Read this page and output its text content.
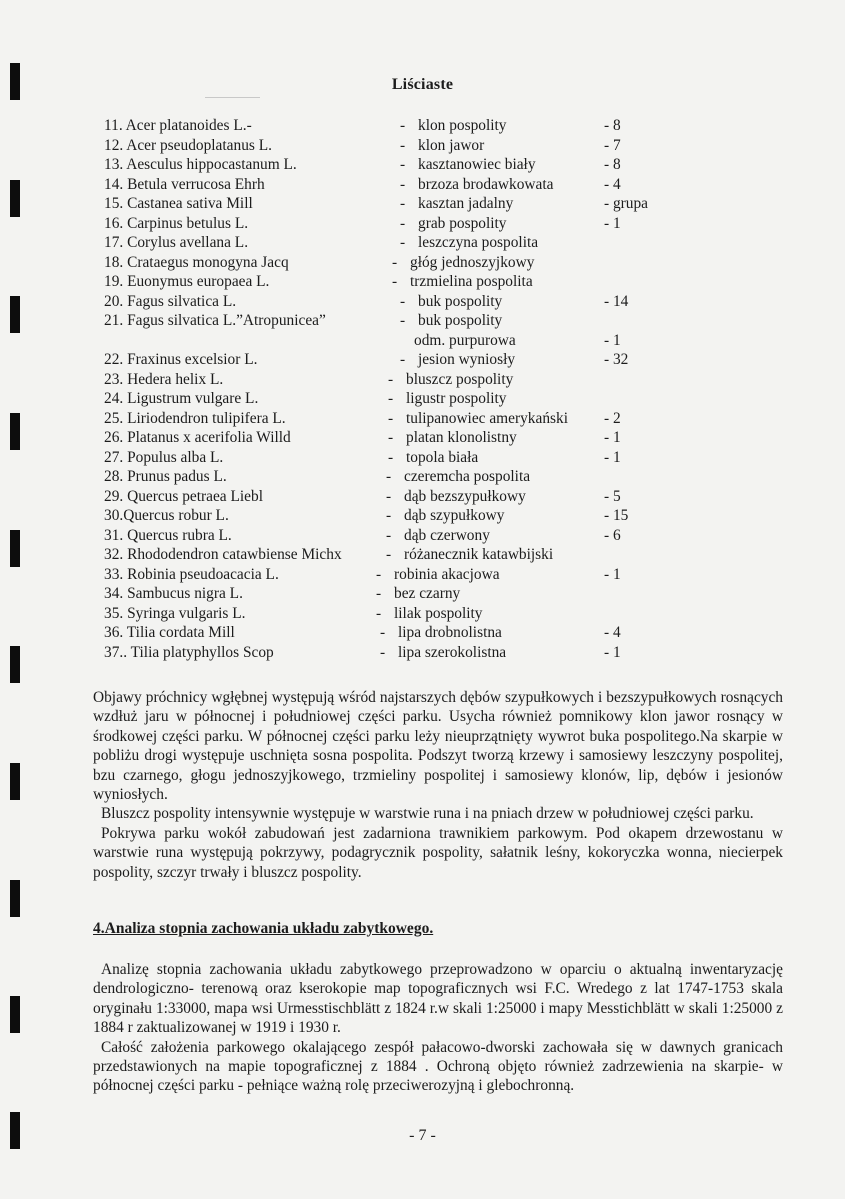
Liściaste
11. Acer platanoides L.-	- klon pospolity	- 8
12. Acer pseudoplatanus L.	- klon jawor	- 7
13. Aesculus hippocastanum L.	- kasztanowiec biały	- 8
14. Betula verrucosa Ehrh	- brzoza brodawkowata	- 4
15. Castanea sativa Mill	- kasztan jadalny	- grupa
16. Carpinus betulus L.	- grab pospolity	- 1
17. Corylus avellana L.	- leszczyna pospolita
18. Crataegus monogyna Jacq	- głóg jednoszyjkowy
19. Euonymus europaea L.	- trzmielina pospolita
20. Fagus silvatica L.	- buk pospolity	- 14
21. Fagus silvatica L.”Atropunicea”	- buk pospolity
odm. purpurowa	- 1
22. Fraxinus excelsior L.	- jesion wyniosły	- 32
23. Hedera helix L.	- bluszcz pospolity
24. Ligustrum vulgare L.	- ligustr pospolity
25. Liriodendron tulipifera L.	- tulipanowiec amerykański - 2
26. Platanus x acerifolia Willd	- platan klonolistny	- 1
27. Populus alba L.	- topola biała	- 1
28. Prunus padus L.	- czeremcha pospolita
29. Quercus petraea Liebl	- dąb bezszypułkowy	- 5
30.Quercus robur L.	- dąb szypułkowy	- 15
31. Quercus rubra L.	- dąb czerwony	- 6
32. Rhododendron catawbiense Michx	- różanecznik katawbijski
33. Robinia pseudoacacia L.	- robinia akacjowa	- 1
34. Sambucus nigra L.	- bez czarny
35. Syringa vulgaris L.	- lilak pospolity
36. Tilia cordata Mill	- lipa drobnolistna	- 4
37.. Tilia platyphyllos Scop	- lipa szerokolistna	- 1

Objawy próchnicy wgłębnej występują wśród najstarszych dębów szypułkowych i bezszypułkowych rosnących wzdłuż jaru w północnej i południowej części parku. Usycha również pomnikowy klon jawor rosnący w środkowej części parku. W północnej części parku leży nieuprzątnięty wywrot buka pospolitego.Na skarpie w pobliżu drogi występuje uschnięta sosna pospolita. Podszyt tworzą krzewy i samosiewy leszczyny pospolitej, bzu czarnego, głogu jednoszyjkowego, trzmieliny pospolitej i samosiewy klonów, lip, dębów i jesionów wyniosłych.

Bluszcz pospolity intensywnie występuje w warstwie runa i na pniach drzew w południowej części parku.

Pokrywa parku wokół zabudowań jest zadarniona trawnikiem parkowym. Pod okapem drzewostanu w warstwie runa występują pokrzywy, podagrycznik pospolity, sałatnik leśny, kokoryczka wonna, niecierpek pospolity, szczyr trwały i bluszcz pospolity.

4.Analiza stopnia zachowania układu zabytkowego.

Analizę stopnia zachowania układu zabytkowego przeprowadzono w oparciu o aktualną inwentaryzację dendrologiczno- terenową oraz kserokopie map topograficznych wsi F.C. Wredego z lat 1747-1753 skala oryginału 1:33000, mapa wsi Urmesstischblätt z 1824 r.w skali 1:25000 i mapy Messtichblätt w skali 1:25000 z 1884 r zaktualizowanej w 1919 i 1930 r.

Całość założenia parkowego okalającego zespół pałacowo-dworski zachowała się w dawnych granicach przedstawionych na mapie topograficznej z 1884 . Ochroną objęto również zadrzewienia na skarpie- w północnej części parku - pełniące ważną rolę przeciwerozyjną i glebochronną.

- 7 -
